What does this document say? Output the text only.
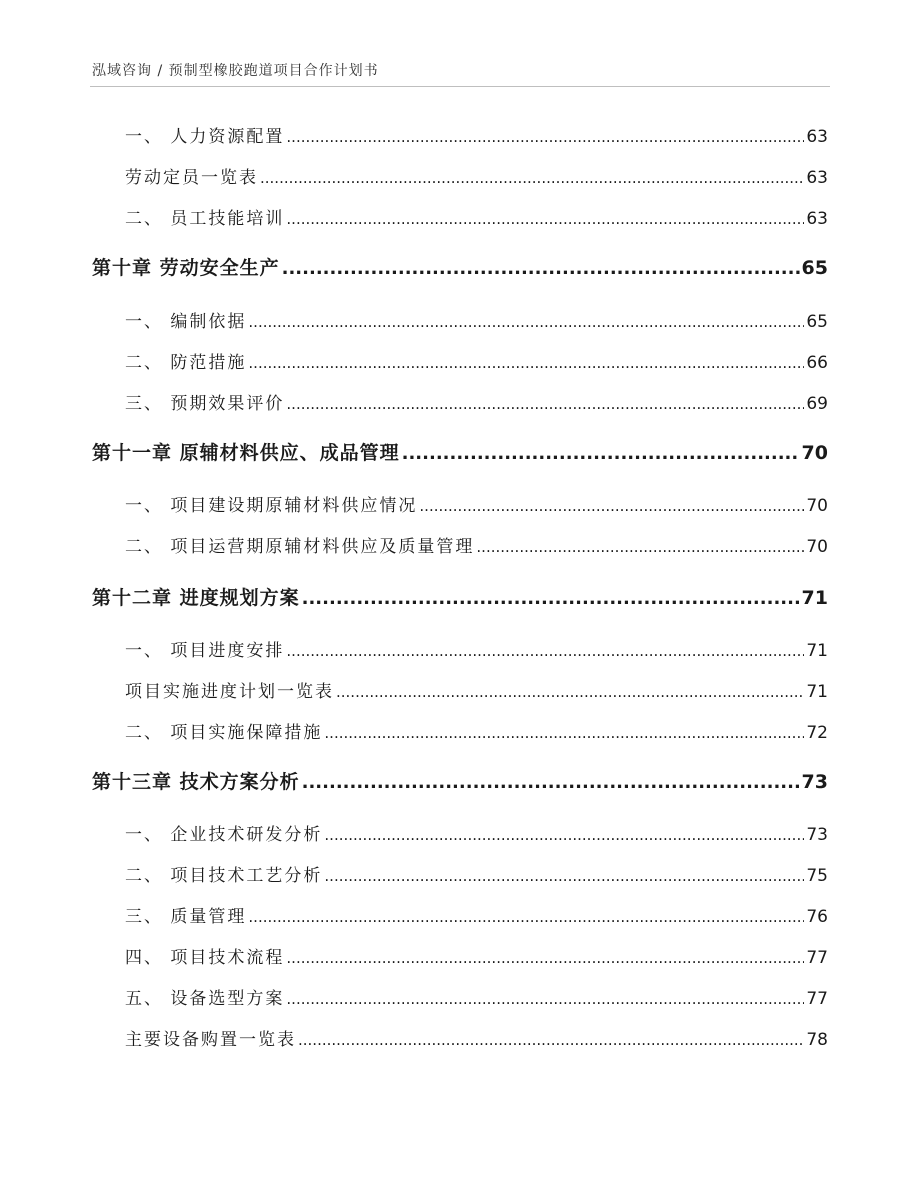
泓域咨询 / 预制型橡胶跑道项目合作计划书
一、 人力资源配置 .....	63
劳动定员一览表 .....	63
二、 员工技能培训 .....	63
第十章 劳动安全生产 .....	65
一、 编制依据 .....	65
二、 防范措施 .....	66
三、 预期效果评价 .....	69
第十一章 原辅材料供应、成品管理 .....	70
一、 项目建设期原辅材料供应情况 .....	70
二、 项目运营期原辅材料供应及质量管理 .....	70
第十二章 进度规划方案 .....	71
一、 项目进度安排 .....	71
项目实施进度计划一览表 .....	71
二、 项目实施保障措施 .....	72
第十三章 技术方案分析 .....	73
一、 企业技术研发分析 .....	73
二、 项目技术工艺分析 .....	75
三、 质量管理 .....	76
四、 项目技术流程 .....	77
五、 设备选型方案 .....	77
主要设备购置一览表 .....	78
